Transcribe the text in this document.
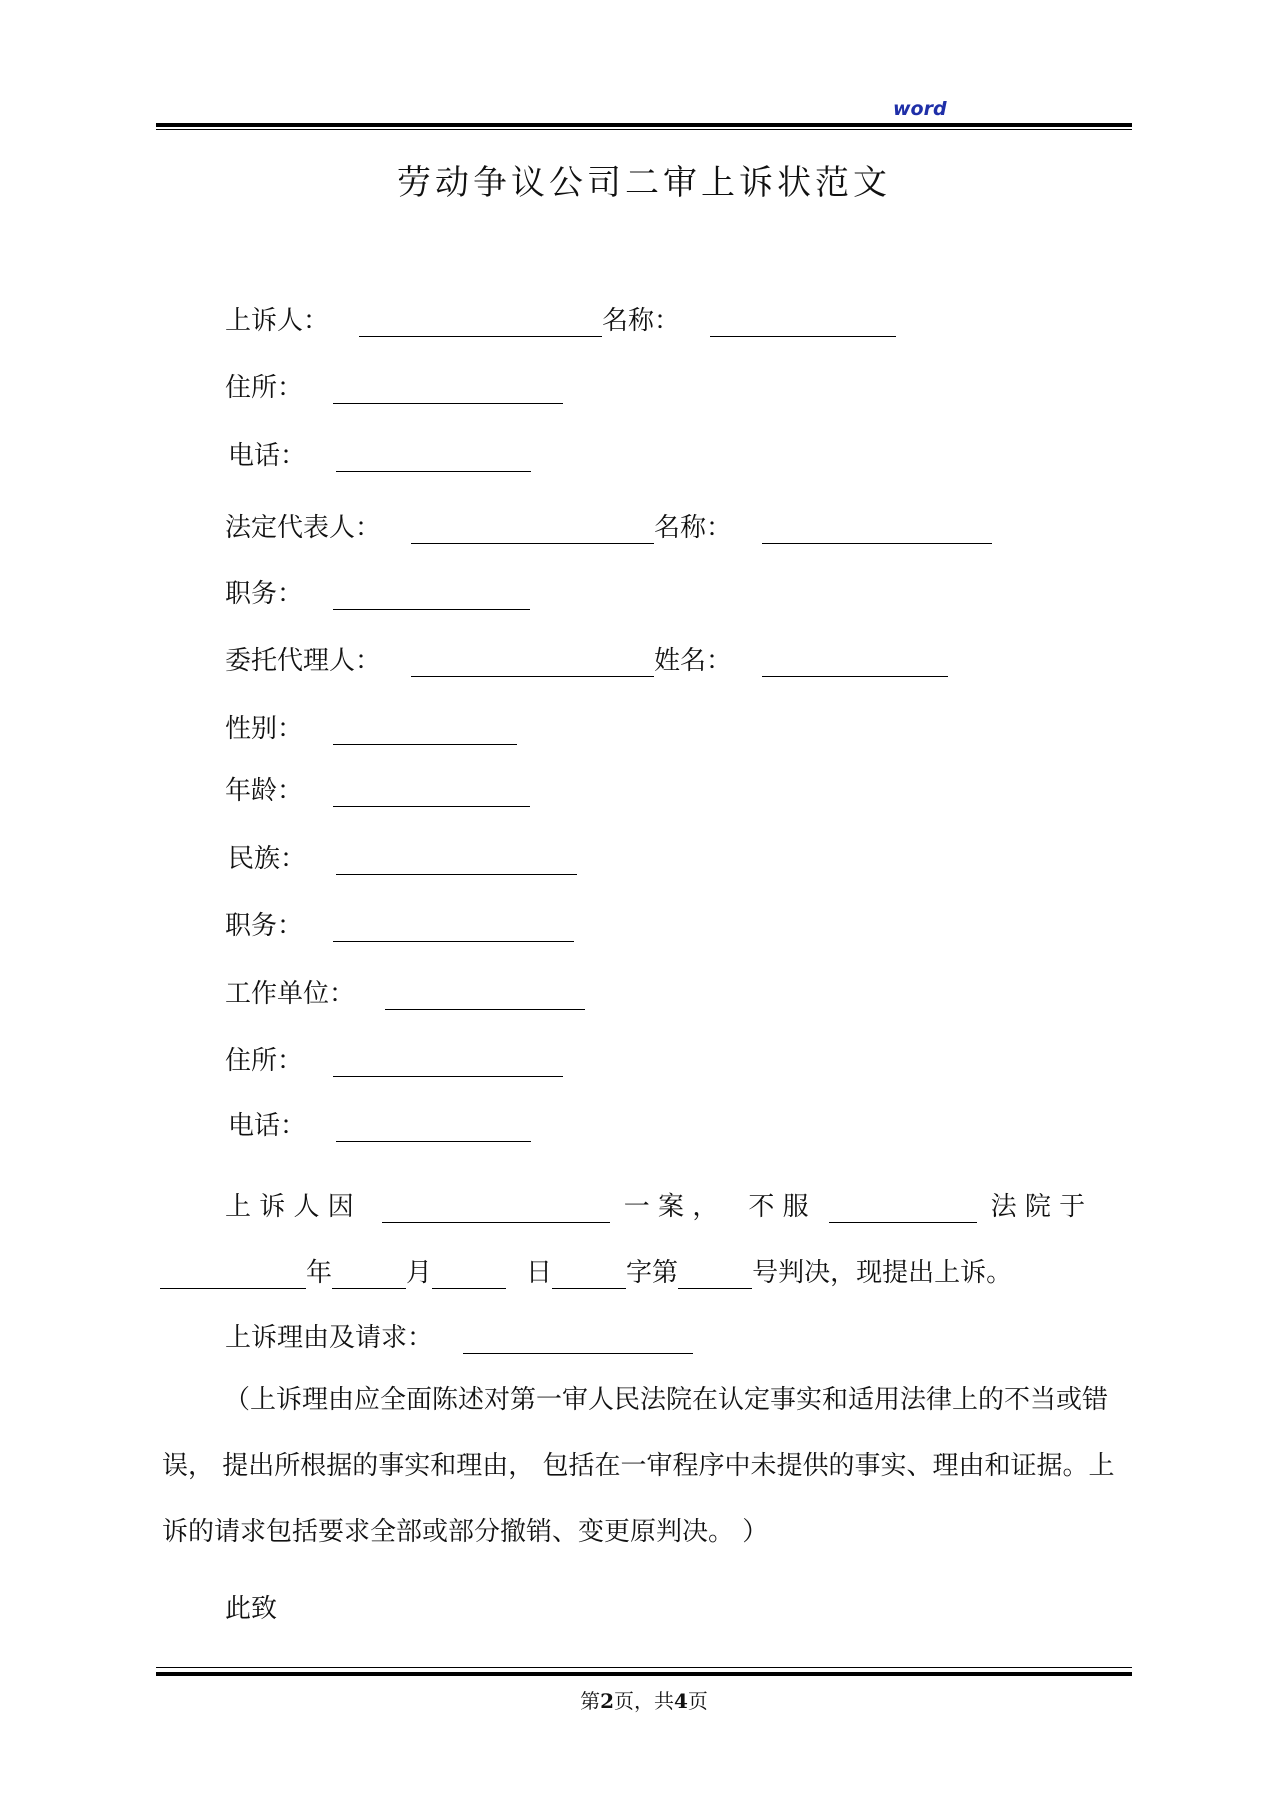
word
劳动争议公司二审上诉状范文
上诉人：	名称：
住所：
电话：
法定代表人：	名称：
职务：
委托代理人：	姓名：
性别：
年龄：
民族：
职务：
工作单位：
住所：
电话：
上 诉 人 因	一 案 ， 不 服	法 院 于
年	月	日	字第	号判决，现提出上诉。
上诉理由及请求：
（上诉理由应全面陈述对第一审人民法院在认定事实和适用法律上的不当或错误， 提出所根据的事实和理由， 包括在一审程序中未提供的事实、理由和证据。上诉的请求包括要求全部或部分撤销、变更原判决。 ）
此致
第2页，共4页
